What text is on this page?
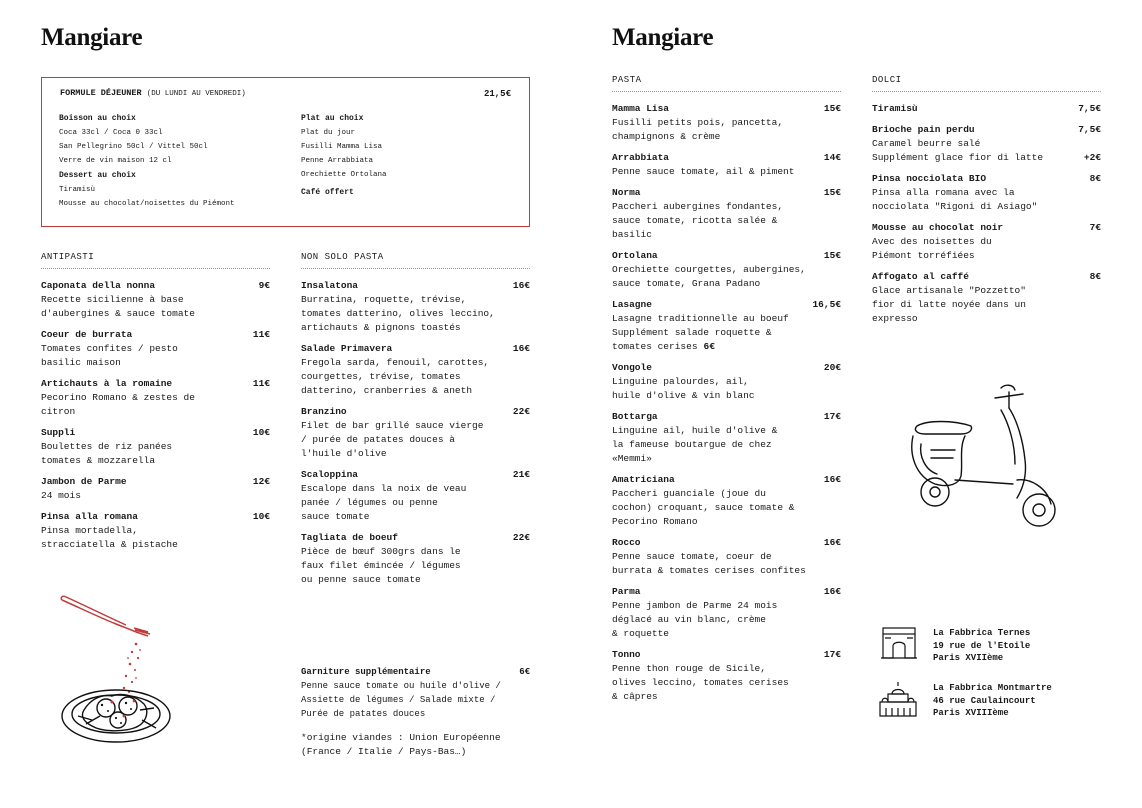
Mangiare	Mangiare
FORMULE DÉJEUNER (DU LUNDI AU VENDREDI)	21,5€
Boisson au choix
Coca 33cl / Coca 0 33cl
San Pellegrino 50cl / Vittel 50cl
Verre de vin maison 12 cl
Dessert au choix
Tiramisù
Mousse au chocolat/noisettes du Piémont
Plat au choix
Plat du jour
Fusilli Mamma Lisa
Penne Arrabbiata
Orechiette Ortolana
Café offert
ANTIPASTI
Caponata della nonna	9€
Recette sicilienne à base
d'aubergines & sauce tomate
Coeur de burrata	11€
Tomates confites / pesto
basilic maison
Artichauts à la romaine	11€
Pecorino Romano & zestes de
citron
Suppli	10€
Boulettes de riz panées
tomates & mozzarella
Jambon de Parme	12€
24 mois
Pinsa alla romana	10€
Pinsa mortadella,
stracciatella & pistache
NON SOLO PASTA
Insalatona	16€
Burratina, roquette, trévise,
tomates datterino, olives leccino,
artichauts & pignons toastés
Salade Primavera	16€
Fregola sarda, fenouil, carottes,
courgettes, trévise, tomates
datterino, cranberries & aneth
Branzino	22€
Filet de bar grillé sauce vierge
/ purée de patates douces à
l'huile d'olive
Scaloppina	21€
Escalope dans la noix de veau
panée / légumes ou penne
sauce tomate
Tagliata de boeuf	22€
Pièce de bœuf 300grs dans le
faux filet émincée / légumes
ou penne sauce tomate
Garniture supplémentaire	6€
Penne sauce tomate ou huile d'olive /
Assiette de légumes / Salade mixte /
Purée de patates douces
*origine viandes : Union Européenne
(France / Italie / Pays-Bas…)
PASTA
Mamma Lisa	15€
Fusilli petits pois, pancetta,
champignons & crème
Arrabbiata	14€
Penne sauce tomate, ail & piment
Norma	15€
Paccheri aubergines fondantes,
sauce tomate, ricotta salée &
basilic
Ortolana	15€
Orechiette courgettes, aubergines,
sauce tomate, Grana Padano
Lasagne	16,5€
Lasagne traditionnelle au boeuf
Supplément salade roquette &
tomates cerises 6€
Vongole	20€
Linguine palourdes, ail,
huile d'olive & vin blanc
Bottarga	17€
Linguine ail, huile d'olive &
la fameuse boutargue de chez
«Memmi»
Amatriciana	16€
Paccheri guanciale (joue du
cochon) croquant, sauce tomate &
Pecorino Romano
Rocco	16€
Penne sauce tomate, coeur de
burrata & tomates cerises confites
Parma	16€
Penne jambon de Parme 24 mois
déglacé au vin blanc, crème
& roquette
Tonno	17€
Penne thon rouge de Sicile,
olives leccino, tomates cerises
& câpres
DOLCI
Tiramisù	7,5€
Brioche pain perdu	7,5€
Caramel beurre salé
Supplément glace fior di latte	+2€
Pinsa nocciolata BIO	8€
Pinsa alla romana avec la
nocciolata "Rigoni di Asiago"
Mousse au chocolat noir	7€
Avec des noisettes du
Piémont torréfiées
Affogato al caffé	8€
Glace artisanale "Pozzetto"
fior di latte noyée dans un
expresso
La Fabbrica Ternes
19 rue de l'Etoile
Paris XVIIème
La Fabbrica Montmartre
46 rue Caulaincourt
Paris XVIIIème
